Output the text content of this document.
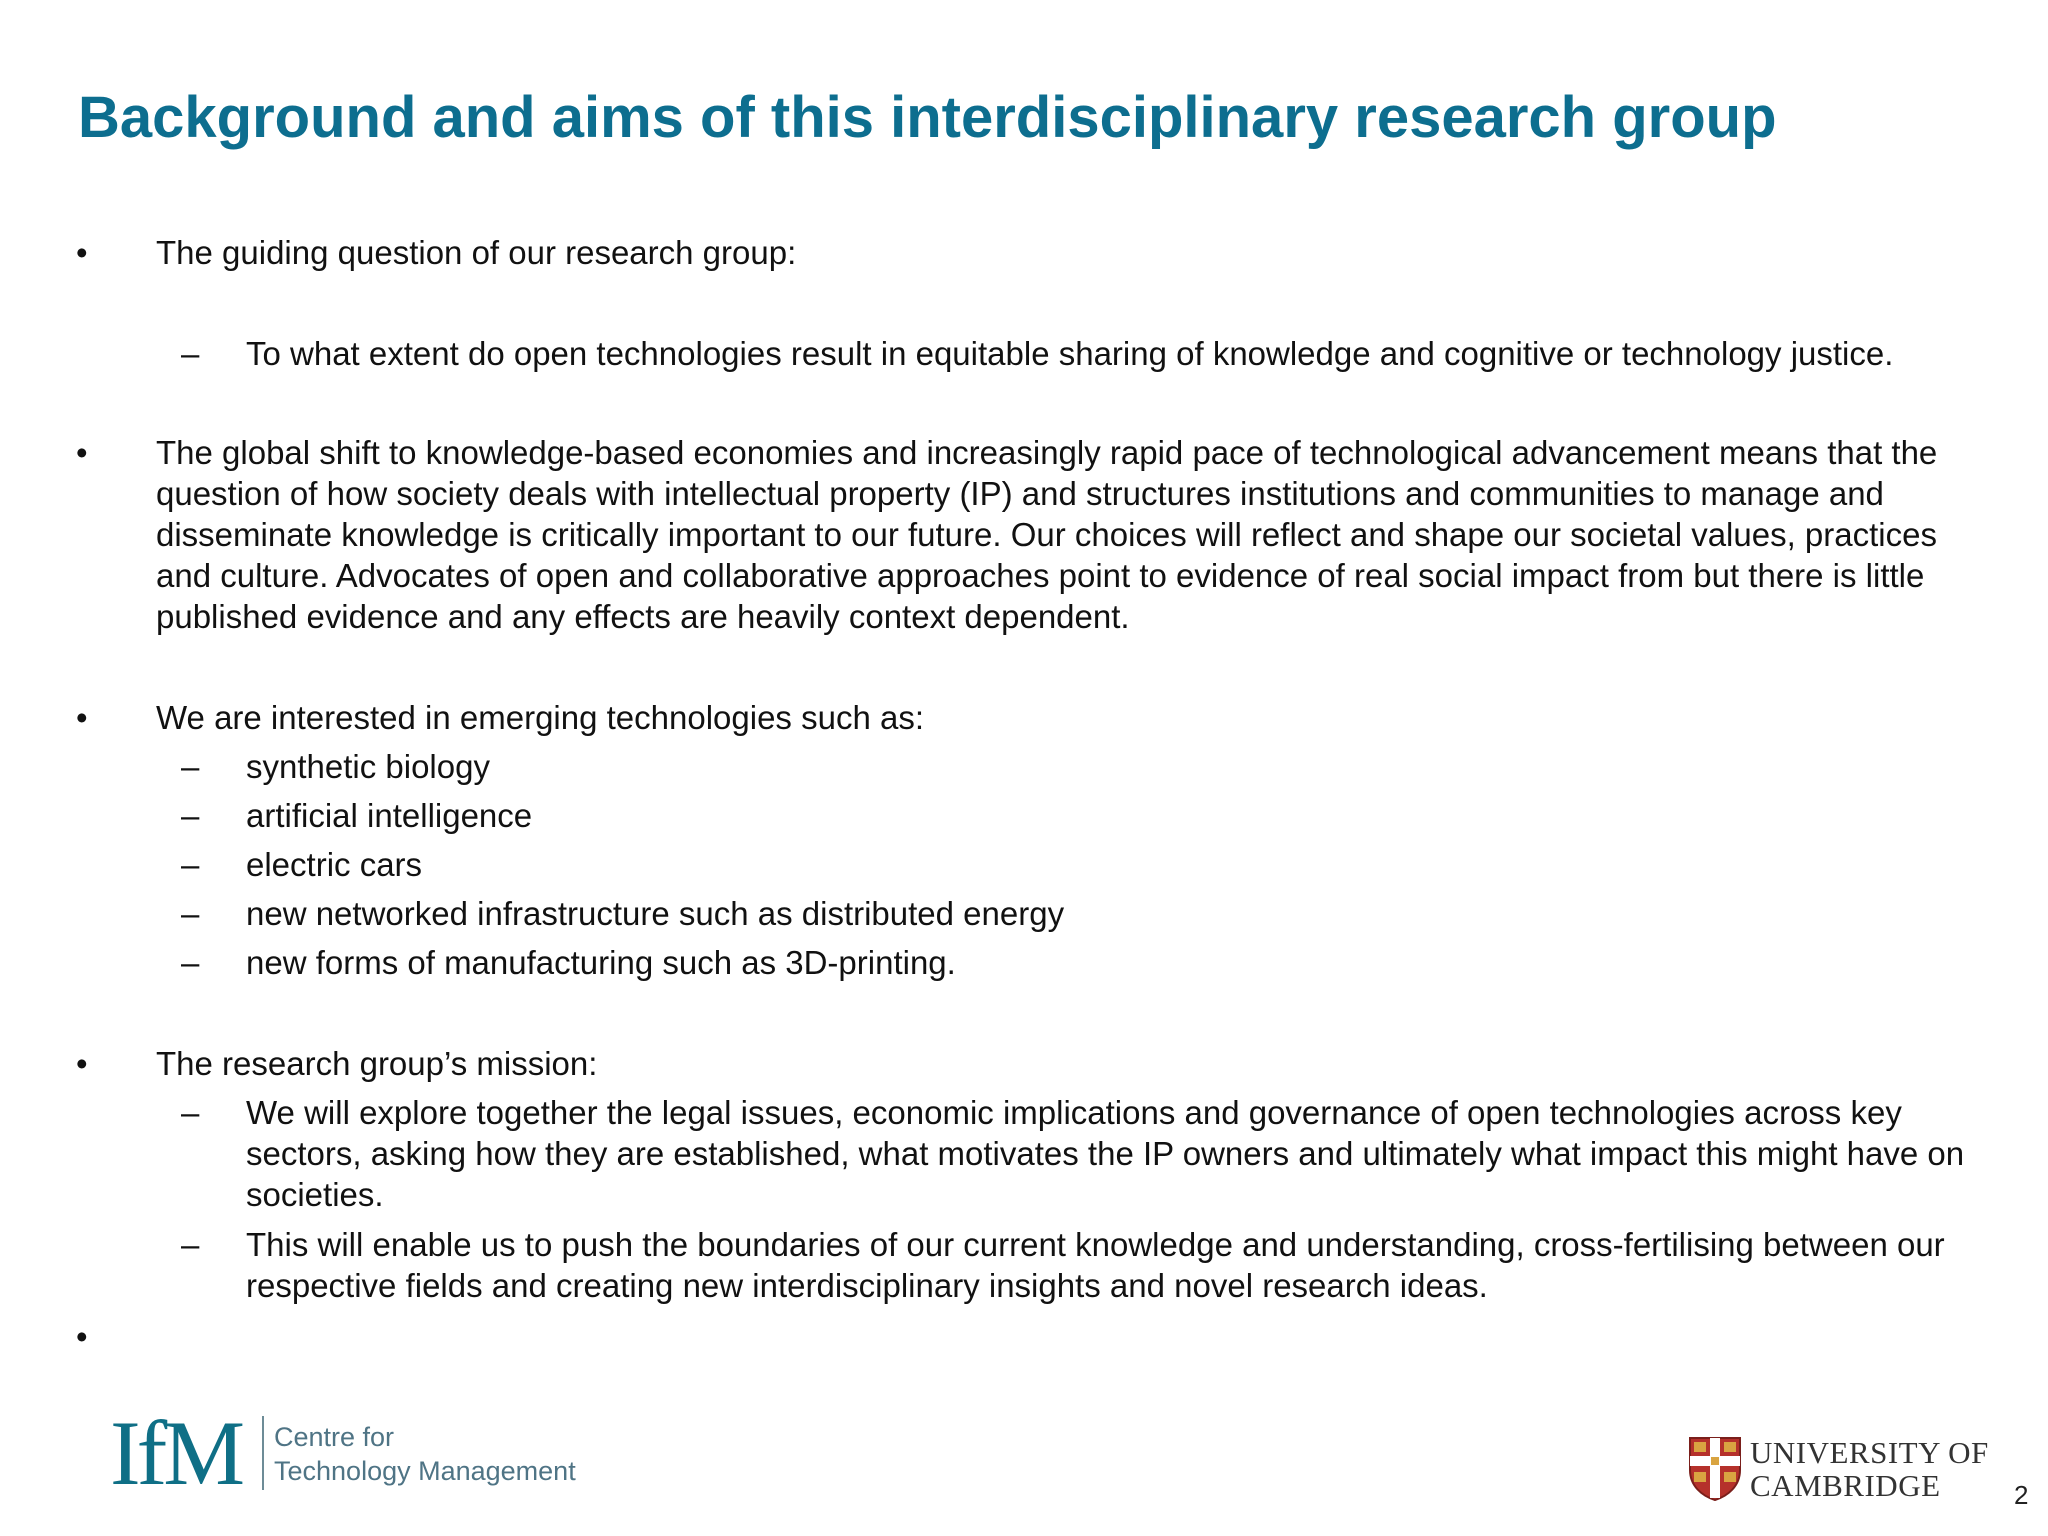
Background and aims of this interdisciplinary research group
• The guiding question of our research group:
– To what extent do open technologies result in equitable sharing of knowledge and cognitive or technology justice.
• The global shift to knowledge-based economies and increasingly rapid pace of technological advancement means that the question of how society deals with intellectual property (IP) and structures institutions and communities to manage and disseminate knowledge is critically important to our future. Our choices will reflect and shape our societal values, practices and culture. Advocates of open and collaborative approaches point to evidence of real social impact from but there is little published evidence and any effects are heavily context dependent.
• We are interested in emerging technologies such as:
– synthetic biology
– artificial intelligence
– electric cars
– new networked infrastructure such as distributed energy
– new forms of manufacturing such as 3D-printing.
• The research group’s mission:
– We will explore together the legal issues, economic implications and governance of open technologies across key sectors, asking how they are established, what motivates the IP owners and ultimately what impact this might have on societies.
– This will enable us to push the boundaries of our current knowledge and understanding, cross-fertilising between our respective fields and creating new interdisciplinary insights and novel research ideas.
•
IfM Centre for
Technology Management
UNIVERSITY OF
CAMBRIDGE	2
